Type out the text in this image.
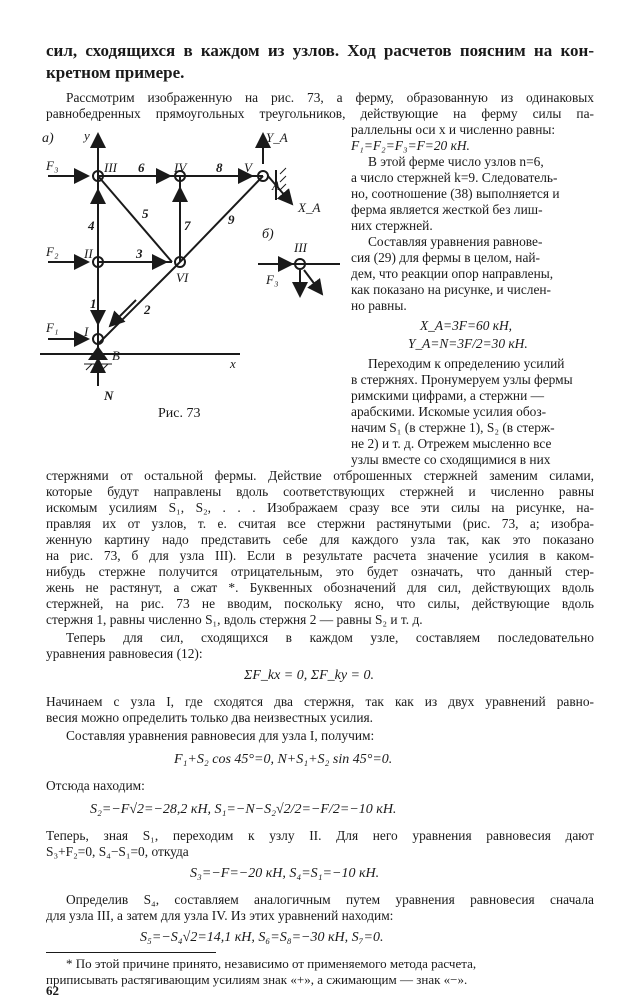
сил, сходящихся в каждом из узлов. Ход расчетов поясним на кон-
кретном примере.
Рассмотрим изображенную на рис. 73, а ферму, образованную из одинаковых
равнобедренных прямоугольных треугольников, действующие на ферму силы па-
раллельны оси x и численно равны:
F₁=F₂=F₃=F=20 кН.
В этой ферме число узлов n=6,
а число стержней k=9. Следователь-
но, соотношение (38) выполняется и
ферма является жесткой без лиш-
них стержней.
Составляя уравнения равнове-
сия (29) для фермы в целом, най-
дем, что реакции опор направлены,
как показано на рисунке, и числен-
но равны.
X_A=3F=60 кН,
Y_A=N=3F/2=30 кН.
Переходим к определению усилий
в стержнях. Пронумеруем узлы фермы
римскими цифрами, а стержни —
арабскими. Искомые усилия обоз-
начим S₁ (в стержне 1), S₂ (в стерж-
не 2) и т. д. Отрежем мысленно все
узлы вместе со сходящимися в них
а)
б)
x
y
F₁
F₂
F₃
X_A
Y_A
N
A
B
I
II
III	IV	V
VI
III
F₃
1	2
3
4
5
6
7
8
9
Рис. 73
стержнями от остальной фермы. Действие отброшенных стержней заменим силами,
которые будут направлены вдоль соответствующих стержней и численно равны
искомым усилиям S₁, S₂, . . . Изображаем сразу все эти силы на рисунке, на-
правляя их от узлов, т. е. считая все стержни растянутыми (рис. 73, а; изобра-
женную картину надо представить себе для каждого узла так, как это показано
на рис. 73, б для узла III). Если в результате расчета значение усилия в каком-
нибудь стержне получится отрицательным, это будет означать, что данный стер-
жень не растянут, а сжат *. Буквенных обозначений для сил, действующих вдоль
стержней, на рис. 73 не вводим, поскольку ясно, что силы, действующие вдоль
стержня 1, равны численно S₁, вдоль стержня 2 — равны S₂ и т. д.
Теперь для сил, сходящихся в каждом узле, составляем последовательно
уравнения равновесия (12):
ΣF_kx = 0, ΣF_ky = 0.
Начинаем с узла I, где сходятся два стержня, так как из двух уравнений равно-
весия можно определить только два неизвестных усилия.
Составляя уравнения равновесия для узла I, получим:
F₁+S₂ cos 45°=0, N+S₁+S₂ sin 45°=0.
Отсюда находим:
S₂=−F√2=−28,2 кН, S₁=−N−S₂√2/2=−F/2=−10 кН.
Теперь, зная S₁, переходим к узлу II. Для него уравнения равновесия дают
S₃+F₂=0, S₄−S₁=0, откуда
S₃=−F=−20 кН, S₄=S₁=−10 кН.
Определив S₄, составляем аналогичным путем уравнения равновесия сначала
для узла III, а затем для узла IV. Из этих уравнений находим:
S₅=−S₄√2=14,1 кН, S₆=S₈=−30 кН, S₇=0.
* По этой причине принято, независимо от применяемого метода расчета,
приписывать растягивающим усилиям знак «+», а сжимающим — знак «−».
62
